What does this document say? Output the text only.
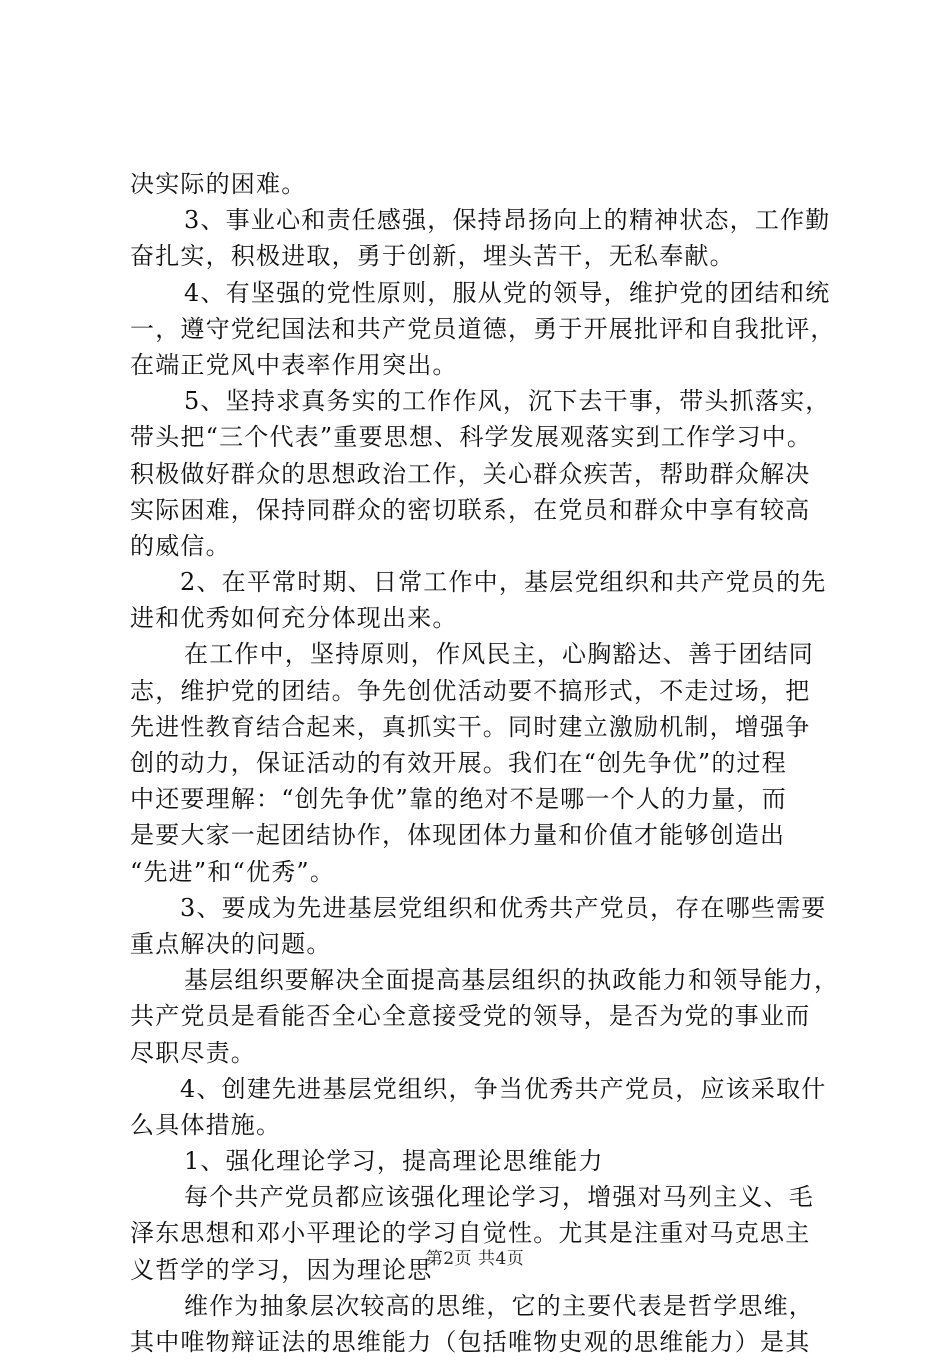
决实际的困难。
3、事业心和责任感强，保持昂扬向上的精神状态，工作勤
奋扎实，积极进取，勇于创新，埋头苦干，无私奉献。
4、有坚强的党性原则，服从党的领导，维护党的团结和统
一，遵守党纪国法和共产党员道德，勇于开展批评和自我批评，
在端正党风中表率作用突出。
5、坚持求真务实的工作作风，沉下去干事，带头抓落实，
带头把“三个代表”重要思想、科学发展观落实到工作学习中。
积极做好群众的思想政治工作，关心群众疾苦，帮助群众解决
实际困难，保持同群众的密切联系，在党员和群众中享有较高
的威信。
2、在平常时期、日常工作中，基层党组织和共产党员的先
进和优秀如何充分体现出来。
在工作中，坚持原则，作风民主，心胸豁达、善于团结同
志，维护党的团结。争先创优活动要不搞形式，不走过场，把
先进性教育结合起来，真抓实干。同时建立激励机制，增强争
创的动力，保证活动的有效开展。我们在“创先争优”的过程
中还要理解：“创先争优”靠的绝对不是哪一个人的力量，而
是要大家一起团结协作，体现团体力量和价值才能够创造出
“先进”和“优秀”。
3、要成为先进基层党组织和优秀共产党员，存在哪些需要
重点解决的问题。
基层组织要解决全面提高基层组织的执政能力和领导能力，
共产党员是看能否全心全意接受党的领导，是否为党的事业而
尽职尽责。
4、创建先进基层党组织，争当优秀共产党员，应该采取什
么具体措施。
1、强化理论学习，提高理论思维能力
每个共产党员都应该强化理论学习，增强对马列主义、毛
泽东思想和邓小平理论的学习自觉性。尤其是注重对马克思主
义哲学的学习，因为理论思
维作为抽象层次较高的思维，它的主要代表是哲学思维，
其中唯物辩证法的思维能力（包括唯物史观的思维能力）是其
第2页 共4页
